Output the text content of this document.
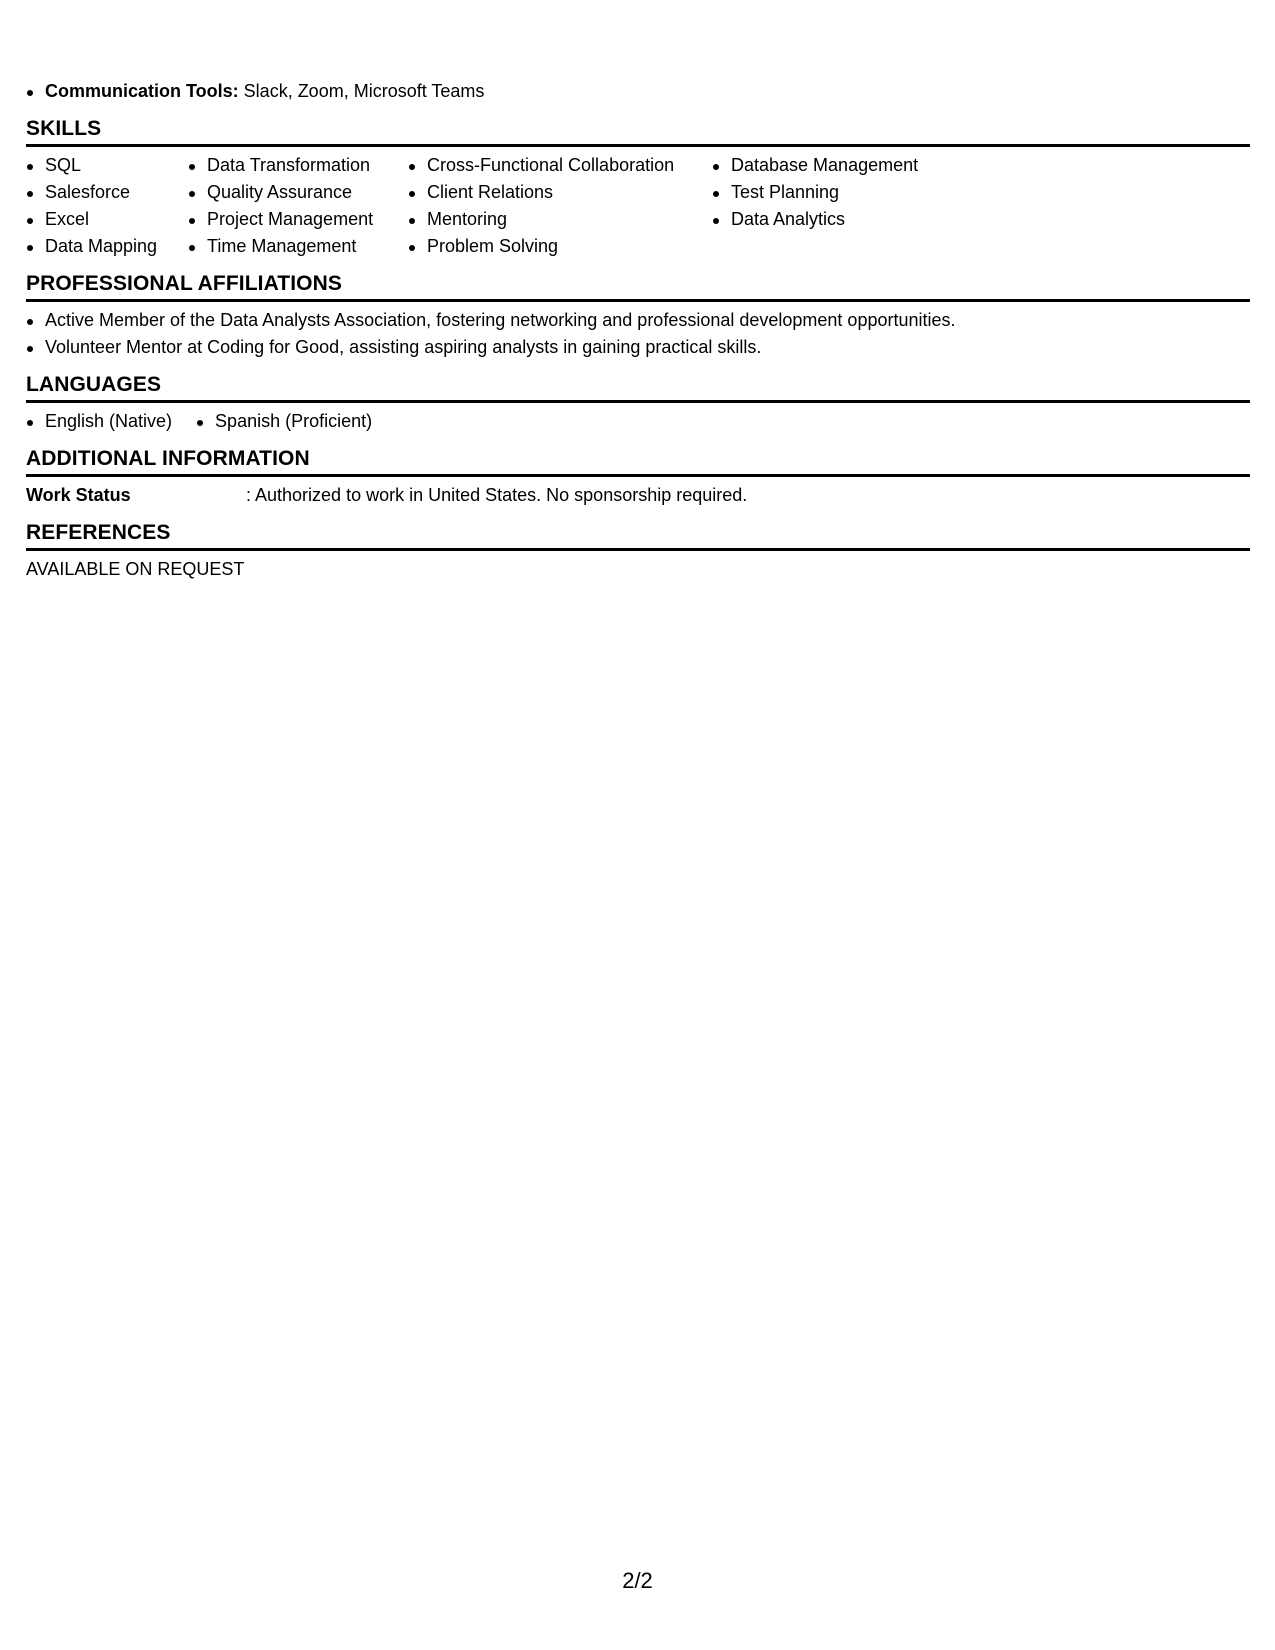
Communication Tools: Slack, Zoom, Microsoft Teams
SKILLS
SQL
Salesforce
Excel
Data Mapping
Data Transformation
Quality Assurance
Project Management
Time Management
Cross-Functional Collaboration
Client Relations
Mentoring
Problem Solving
Database Management
Test Planning
Data Analytics
PROFESSIONAL AFFILIATIONS
Active Member of the Data Analysts Association, fostering networking and professional development opportunities.
Volunteer Mentor at Coding for Good, assisting aspiring analysts in gaining practical skills.
LANGUAGES
English (Native)	Spanish (Proficient)
ADDITIONAL INFORMATION
Work Status	: Authorized to work in United States. No sponsorship required.
REFERENCES
AVAILABLE ON REQUEST
2/2
